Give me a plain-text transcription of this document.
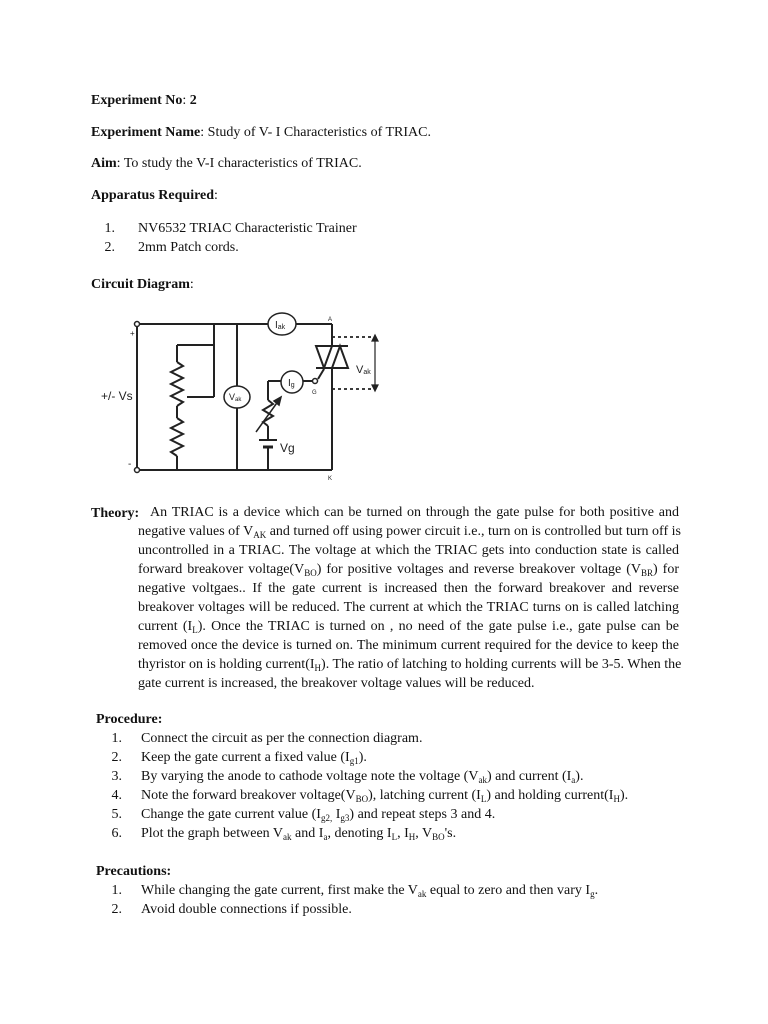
Experiment No: 2
Experiment Name: Study of V- I Characteristics of TRIAC.
Aim: To study the V-I characteristics of TRIAC.
Apparatus Required:
1. NV6532 TRIAC Characteristic Trainer
2. 2mm Patch cords.
Circuit Diagram:
+
-
+/- Vs
Iak
Ig
Vak
Vak
Vg
A
K
G
Theory: An TRIAC is a device which can be turned on through the gate pulse for both positive and
negative values of $V_{AK}$ and turned off using power circuit i.e., turn on is controlled but turn off is
uncontrolled in a TRIAC. The voltage at which the TRIAC gets into conduction state is called
forward breakover $voltage(V_{BO})$ for positive voltages and reverse breakover voltage $(V_{BR})$ for
negative voltgaes.. If the gate current is increased then the forward breakover and reverse
breakover voltages will be reduced. The current at which the TRIAC turns on is called latching
current $(I_L)$. Once the TRIAC is turned on , no need of the gate pulse i.e., gate pulse can be
removed once the device is turned on. The minimum current required for the device to keep the
thyristor on is holding $current(I_H)$. The ratio of latching to holding currents will be 3-5. When the
gate current is increased, the breakover voltage values will be reduced.
Procedure:
1. Connect the circuit as per the connection diagram.
2. Keep the gate current a fixed value $(I_{g1})$.
3. By varying the anode to cathode voltage note the voltage $(V_{ak})$ and current $(I_a)$.
4. Note the forward breakover $voltage(V_{BO})$, latching current $(I_L)$ and holding $current(I_H)$.
5. Change the gate current value ($I_{g2,}$ $I_{g3}$) and repeat steps 3 and 4.
6. Plot the graph between $V_{ak}$ and $I_a$, denoting $I_L$, $I_H$, $V_{BO}'s$.
Precautions:
1. While changing the gate current, first make the $V_{ak}$ equal to zero and then vary $I_g$.
2. Avoid double connections if possible.
